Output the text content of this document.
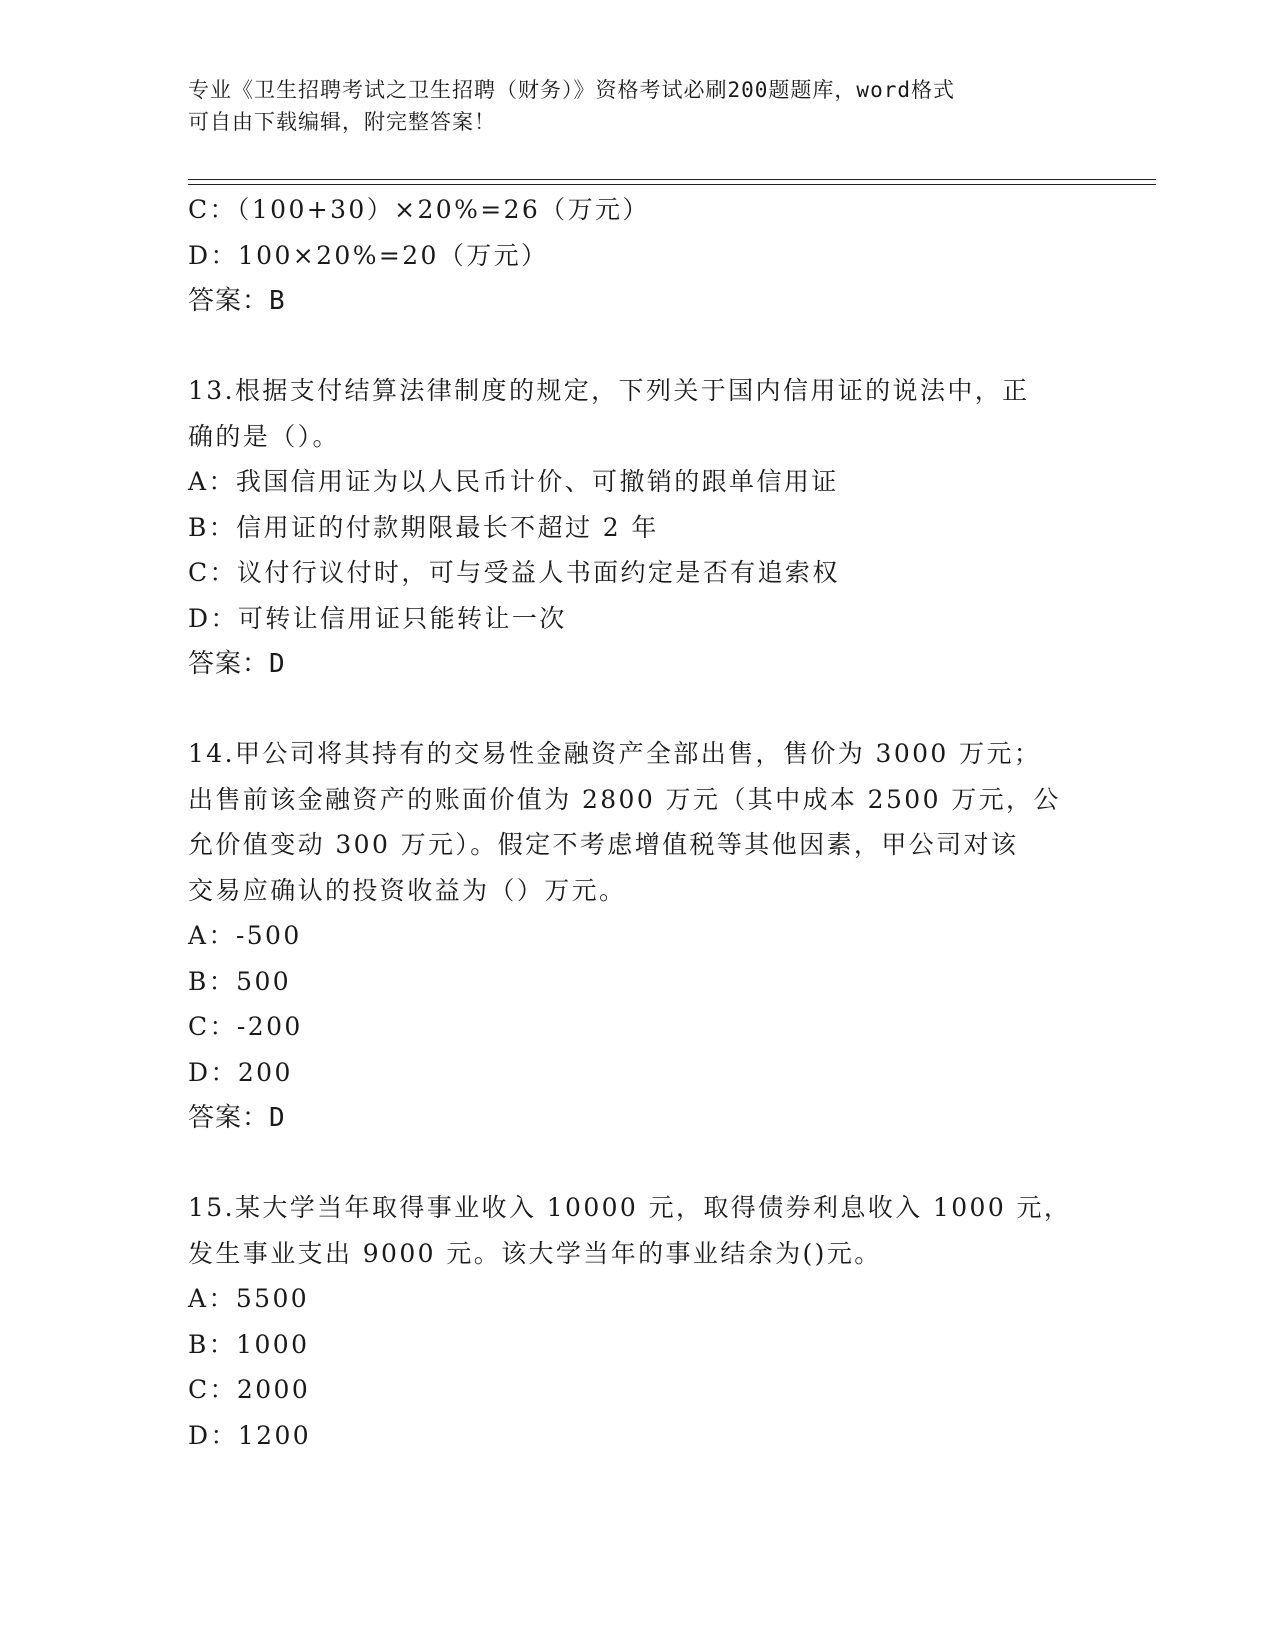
专业《卫生招聘考试之卫生招聘（财务）》资格考试必刷200题题库，word格式
可自由下载编辑，附完整答案！
C：（100+30）×20%=26（万元）
D：100×20%=20（万元）
答案：B
13.根据支付结算法律制度的规定，下列关于国内信用证的说法中，正
确的是（）。
A：我国信用证为以人民币计价、可撤销的跟单信用证
B：信用证的付款期限最长不超过 2 年
C：议付行议付时，可与受益人书面约定是否有追索权
D：可转让信用证只能转让一次
答案：D
14.甲公司将其持有的交易性金融资产全部出售，售价为 3000 万元；
出售前该金融资产的账面价值为 2800 万元（其中成本 2500 万元，公
允价值变动 300 万元）。假定不考虑增值税等其他因素，甲公司对该
交易应确认的投资收益为（）万元。
A：-500
B：500
C：-200
D：200
答案：D
15.某大学当年取得事业收入 10000 元，取得债券利息收入 1000 元，
发生事业支出 9000 元。该大学当年的事业结余为()元。
A：5500
B：1000
C：2000
D：1200
